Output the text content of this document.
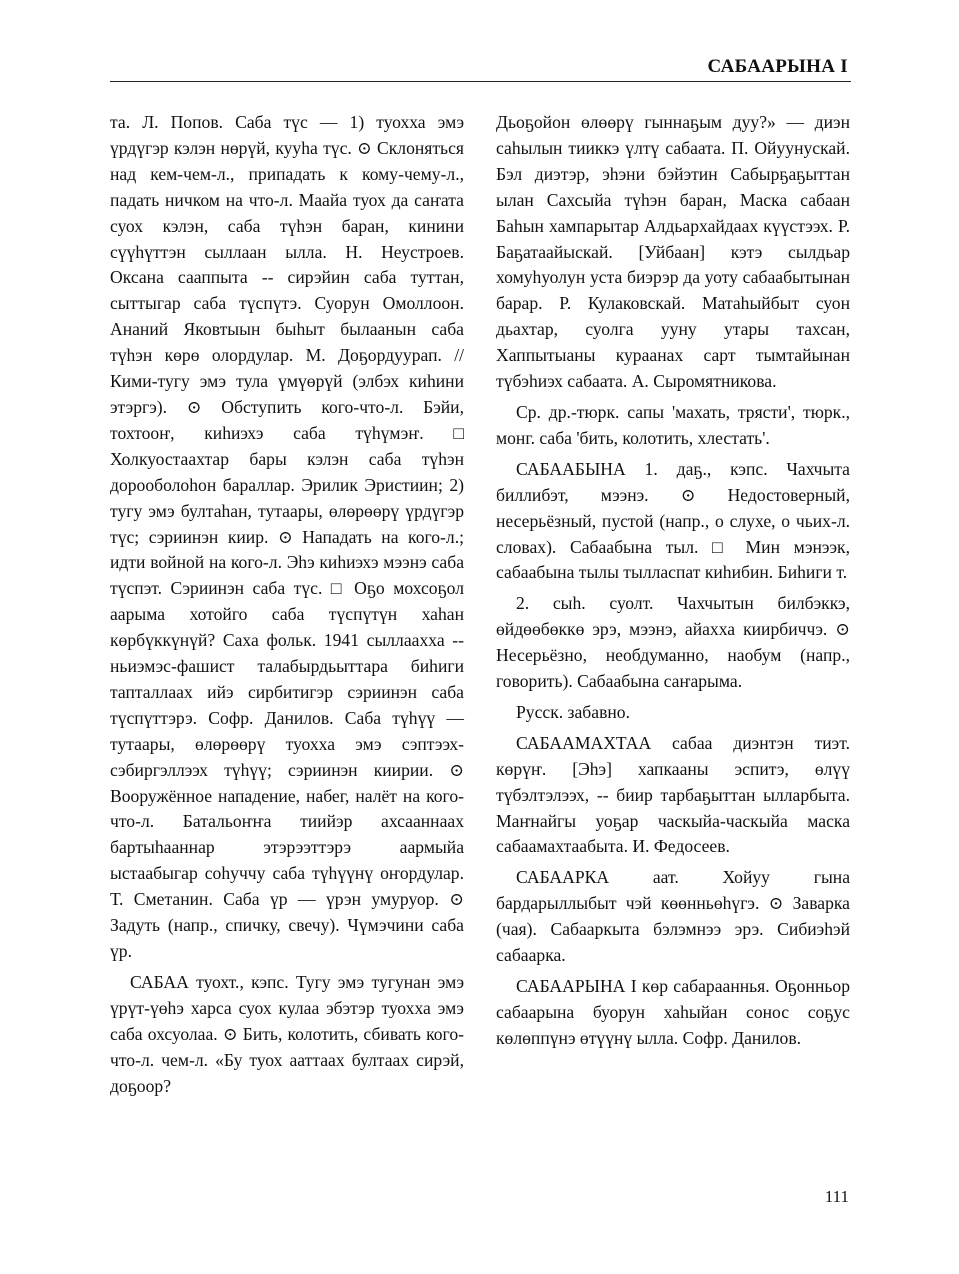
САБААРЫНА I

та. Л. Попов. Саба түс — 1) туохха эмэ үрдүгэр кэлэн нөрүй, кууһа түс. ⊙ Склоняться над кем-чем-л., припадать к кому-чему-л., падать ничком на что-л. Маайа туох да саҥата суох кэлэн, саба түһэн баран, кинини сүүһүттэн сыллаан ылла. Н. Неустроев. Оксана сааппыта -- сирэйин саба туттан, сыттыгар саба түспүтэ. Суорун Омоллоон. Ананий Яковтыын быһыт былаанын саба түһэн көрө олордулар. М. Доҕордуурап. // Кими-тугу эмэ тула үмүөрүй (элбэх киһини этэргэ). ⊙ Обступить кого-что-л. Бэйи, тохтооҥ, киһиэхэ саба түһүмэҥ. □ Холкуостаахтар бары кэлэн саба түһэн дорооболоһон бараллар. Эрилик Эристиин; 2) тугу эмэ бултаһан, тутаары, өлөрөөрү үрдүгэр түс; сэриинэн киир. ⊙ Нападать на кого-л.; идти войной на кого-л. Эһэ киһиэхэ мээнэ саба түспэт. Сэриинэн саба түс. □ Оҕо мохсоҕол аарыма хотойго саба түспүтүн хаһан көрбүккүнүй? Саха фольк. 1941 сыллаахха -- ньиэмэс-фашист талабырдьыттара биһиги тапталлаах ийэ сирбитигэр сэриинэн саба түспүттэрэ. Софр. Данилов. Саба түһүү — тутаары, өлөрөөрү туохха эмэ сэптээх-сэбиргэллээх түһүү; сэриинэн киирии. ⊙ Вооружённое нападение, набег, налёт на кого-что-л. Батальоҥҥа тиийэр ахсааннаах бартыһааннар этэрээттэрэ аармыйа ыстаабыгар соһуччу саба түһүүнү оҥордулар. Т. Сметанин. Саба үр — үрэн умуруор. ⊙ Задуть (напр., спичку, свечу). Чүмэчини саба үр.

САБАА туохт., кэпс. Тугу эмэ тугунан эмэ үрүт-үөһэ харса суох кулаа эбэтэр туохха эмэ саба охсуолаа. ⊙ Бить, колотить, сбивать кого-что-л. чем-л. «Бу туох ааттаах бултаах сирэй, доҕоор?

Дьоҕойон өлөөрү гыннаҕым дуу?» — диэн саһылын тииккэ үлтү сабаата. П. Ойуунускай. Бэл диэтэр, эһэни бэйэтин Сабырҕаҕыттан ылан Сахсыйа түһэн баран, Маска сабаан Баһын хампарытар Алдьархайдаах күүстээх. Р. Баҕатаайыскай. [Уйбаан] кэтэ сылдьар хомуһуолун уста биэрэр да уоту сабаабытынан барар. Р. Кулаковскай. Матаһыйбыт суон дьахтар, суолга ууну утары тахсан, Хаппытыаны кураанах сарт тымтайынан түбэһиэх сабаата. А. Сыромятникова.

Ср. др.-тюрк. сапы 'махать, трясти', тюрк., монг. саба 'бить, колотить, хлестать'.

САБААБЫНА 1. даҕ., кэпс. Чахчыта биллибэт, мээнэ. ⊙ Недостоверный, несерьёзный, пустой (напр., о слухе, о чьих-л. словах). Сабаабына тыл. □ Мин мэнээк, сабаабына тылы тылласпат киһибин. Биһиги т.

2. сыһ. суолт. Чахчытын билбэккэ, өйдөөбөккө эрэ, мээнэ, айахха киирбиччэ. ⊙ Несерьёзно, необдуманно, наобум (напр., говорить). Сабаабына саҥарыма.

Русск. забавно.

САБААМАХТАА сабаа диэнтэн тиэт. көрүҥ. [Эһэ] хапкааны эспитэ, өлүү түбэлтэлээх, -- биир тарбаҕыттан ылларбыта. Маҥнайгы уоҕар часкыйа-часкыйа маска сабаамахтаабыта. И. Федосеев.

САБААРКА аат. Хойуу гына бардарыллыбыт чэй көөнньөһүгэ. ⊙ Заварка (чая). Сабааркыта бэлэмнээ эрэ. Сибиэһэй сабаарка.

САБААРЫНА I көр сабарааннья. Оҕонньор сабаарына буорун хаһыйан сонос соҕус көлөппүнэ өтүүнү ылла. Софр. Данилов.

111
